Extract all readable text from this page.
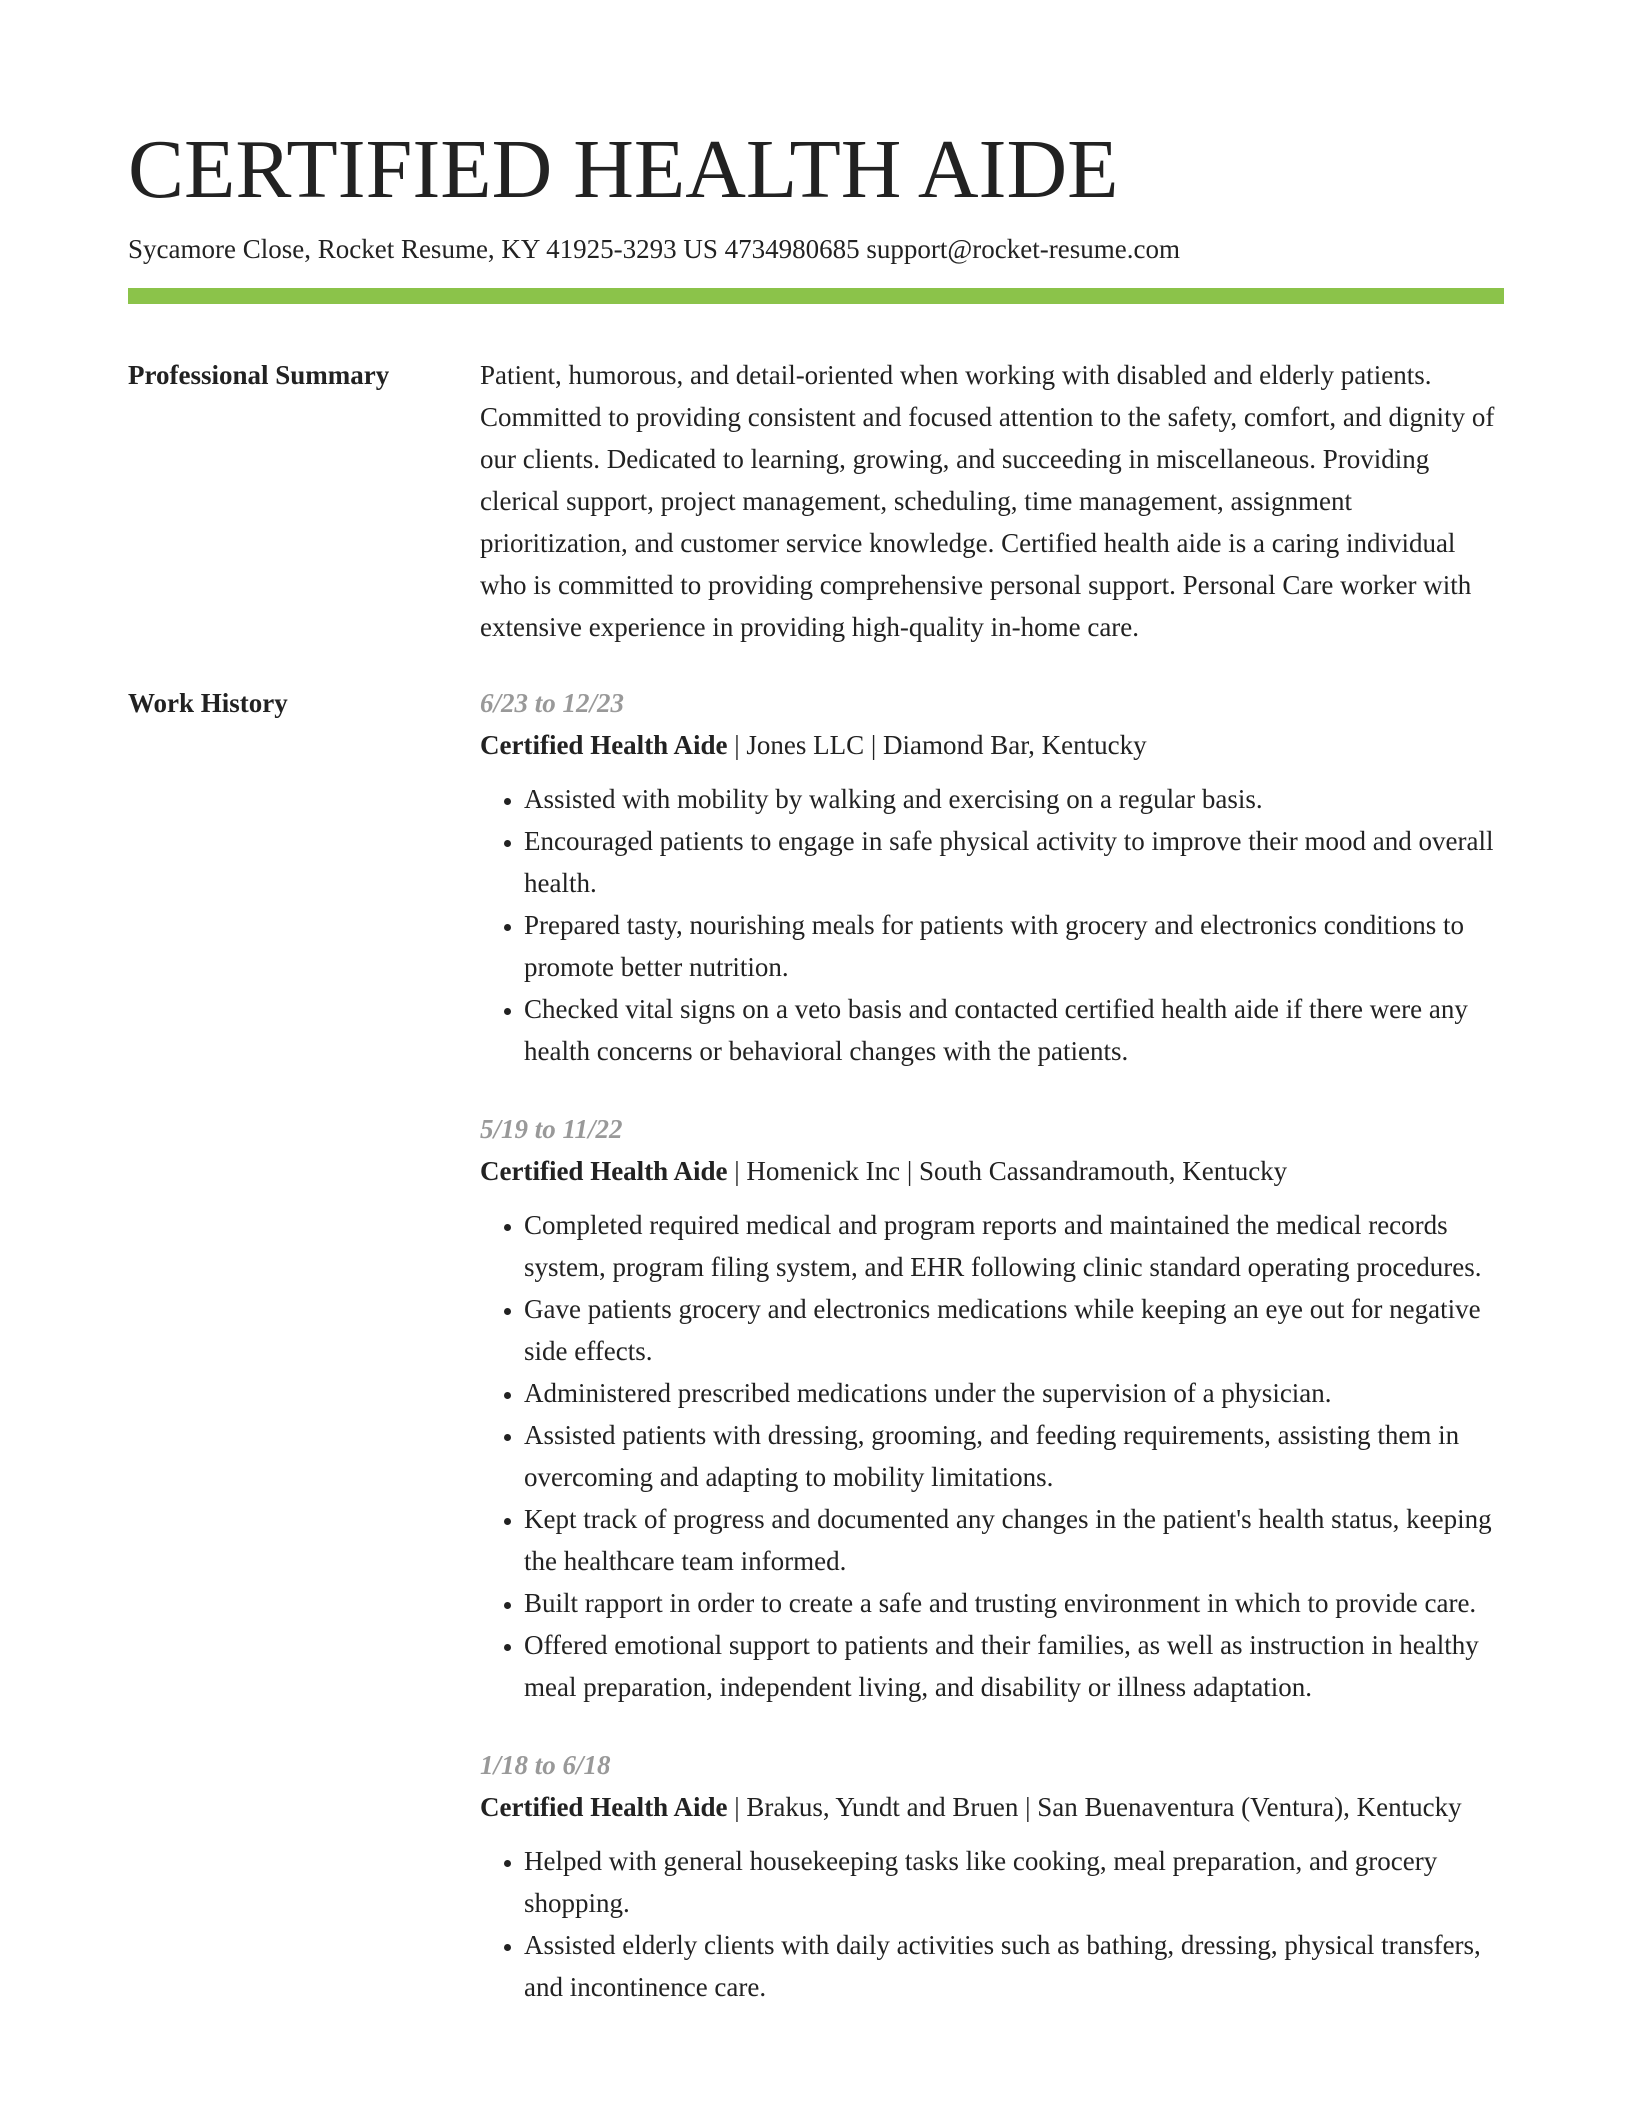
CERTIFIED HEALTH AIDE
Sycamore Close, Rocket Resume, KY 41925-3293 US 4734980685 support@rocket-resume.com
Professional Summary	Patient, humorous, and detail-oriented when working with disabled and elderly patients. Committed to providing consistent and focused attention to the safety, comfort, and dignity of our clients. Dedicated to learning, growing, and succeeding in miscellaneous. Providing clerical support, project management, scheduling, time management, assignment prioritization, and customer service knowledge. Certified health aide is a caring individual who is committed to providing comprehensive personal support. Personal Care worker with extensive experience in providing high-quality in-home care.

Work History	6/23 to 12/23
Certified Health Aide | Jones LLC | Diamond Bar, Kentucky
• Assisted with mobility by walking and exercising on a regular basis.
• Encouraged patients to engage in safe physical activity to improve their mood and overall health.
• Prepared tasty, nourishing meals for patients with grocery and electronics conditions to promote better nutrition.
• Checked vital signs on a veto basis and contacted certified health aide if there were any health concerns or behavioral changes with the patients.
5/19 to 11/22
Certified Health Aide | Homenick Inc | South Cassandramouth, Kentucky
• Completed required medical and program reports and maintained the medical records system, program filing system, and EHR following clinic standard operating procedures.
• Gave patients grocery and electronics medications while keeping an eye out for negative side effects.
• Administered prescribed medications under the supervision of a physician.
• Assisted patients with dressing, grooming, and feeding requirements, assisting them in overcoming and adapting to mobility limitations.
• Kept track of progress and documented any changes in the patient's health status, keeping the healthcare team informed.
• Built rapport in order to create a safe and trusting environment in which to provide care.
• Offered emotional support to patients and their families, as well as instruction in healthy meal preparation, independent living, and disability or illness adaptation.
1/18 to 6/18
Certified Health Aide | Brakus, Yundt and Bruen | San Buenaventura (Ventura), Kentucky
• Helped with general housekeeping tasks like cooking, meal preparation, and grocery shopping.
• Assisted elderly clients with daily activities such as bathing, dressing, physical transfers, and incontinence care.
